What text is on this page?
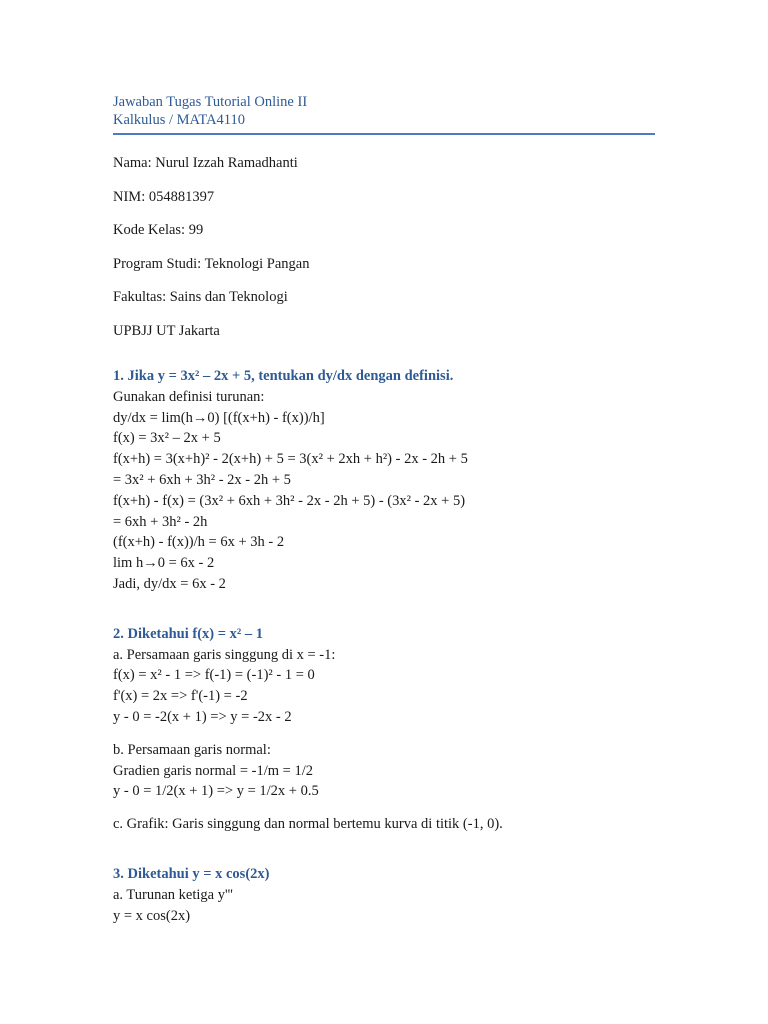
Jawaban Tugas Tutorial Online II
Kalkulus / MATA4110

Nama: Nurul Izzah Ramadhanti

NIM: 054881397

Kode Kelas: 99

Program Studi: Teknologi Pangan

Fakultas: Sains dan Teknologi

UPBJJ UT Jakarta

1. Jika y = 3x² – 2x + 5, tentukan dy/dx dengan definisi.
Gunakan definisi turunan:
dy/dx = lim(h→0) [(f(x+h) - f(x))/h]
f(x) = 3x² – 2x + 5
f(x+h) = 3(x+h)² - 2(x+h) + 5 = 3(x² + 2xh + h²) - 2x - 2h + 5
= 3x² + 6xh + 3h² - 2x - 2h + 5
f(x+h) - f(x) = (3x² + 6xh + 3h² - 2x - 2h + 5) - (3x² - 2x + 5)
= 6xh + 3h² - 2h
(f(x+h) - f(x))/h = 6x + 3h - 2
lim h→0 = 6x - 2
Jadi, dy/dx = 6x - 2
2. Diketahui f(x) = x² – 1
a. Persamaan garis singgung di x = -1:
f(x) = x² - 1 => f(-1) = (-1)² - 1 = 0
f'(x) = 2x => f'(-1) = -2
y - 0 = -2(x + 1) => y = -2x - 2
b. Persamaan garis normal:
Gradien garis normal = -1/m = 1/2
y - 0 = 1/2(x + 1) => y = 1/2x + 0.5
c. Grafik: Garis singgung dan normal bertemu kurva di titik (-1, 0).
3. Diketahui y = x cos(2x)
a. Turunan ketiga y'''
y = x cos(2x)
